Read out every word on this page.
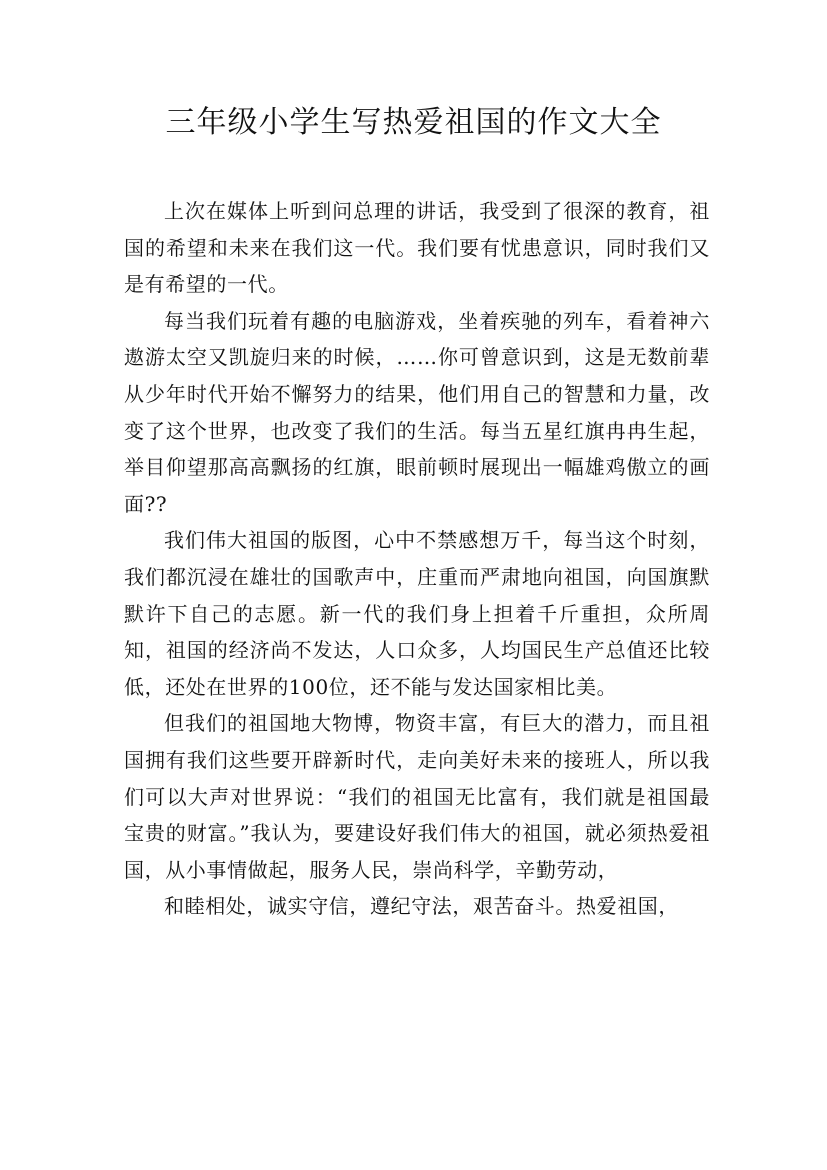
三年级小学生写热爱祖国的作文大全

上次在媒体上听到问总理的讲话，我受到了很深的教育，祖国的希望和未来在我们这一代。我们要有忧患意识，同时我们又是有希望的一代。

每当我们玩着有趣的电脑游戏，坐着疾驰的列车，看着神六遨游太空又凯旋归来的时候，……你可曾意识到，这是无数前辈从少年时代开始不懈努力的结果，他们用自己的智慧和力量，改变了这个世界，也改变了我们的生活。每当五星红旗冉冉生起，举目仰望那高高飘扬的红旗，眼前顿时展现出一幅雄鸡傲立的画面??

我们伟大祖国的版图，心中不禁感想万千，每当这个时刻，我们都沉浸在雄壮的国歌声中，庄重而严肃地向祖国，向国旗默默许下自己的志愿。新一代的我们身上担着千斤重担，众所周知，祖国的经济尚不发达，人口众多，人均国民生产总值还比较低，还处在世界的100位，还不能与发达国家相比美。

但我们的祖国地大物博，物资丰富，有巨大的潜力，而且祖国拥有我们这些要开辟新时代，走向美好未来的接班人，所以我们可以大声对世界说：“我们的祖国无比富有，我们就是祖国最宝贵的财富。”我认为，要建设好我们伟大的祖国，就必须热爱祖国，从小事情做起，服务人民，崇尚科学，辛勤劳动，

和睦相处，诚实守信，遵纪守法，艰苦奋斗。热爱祖国，
